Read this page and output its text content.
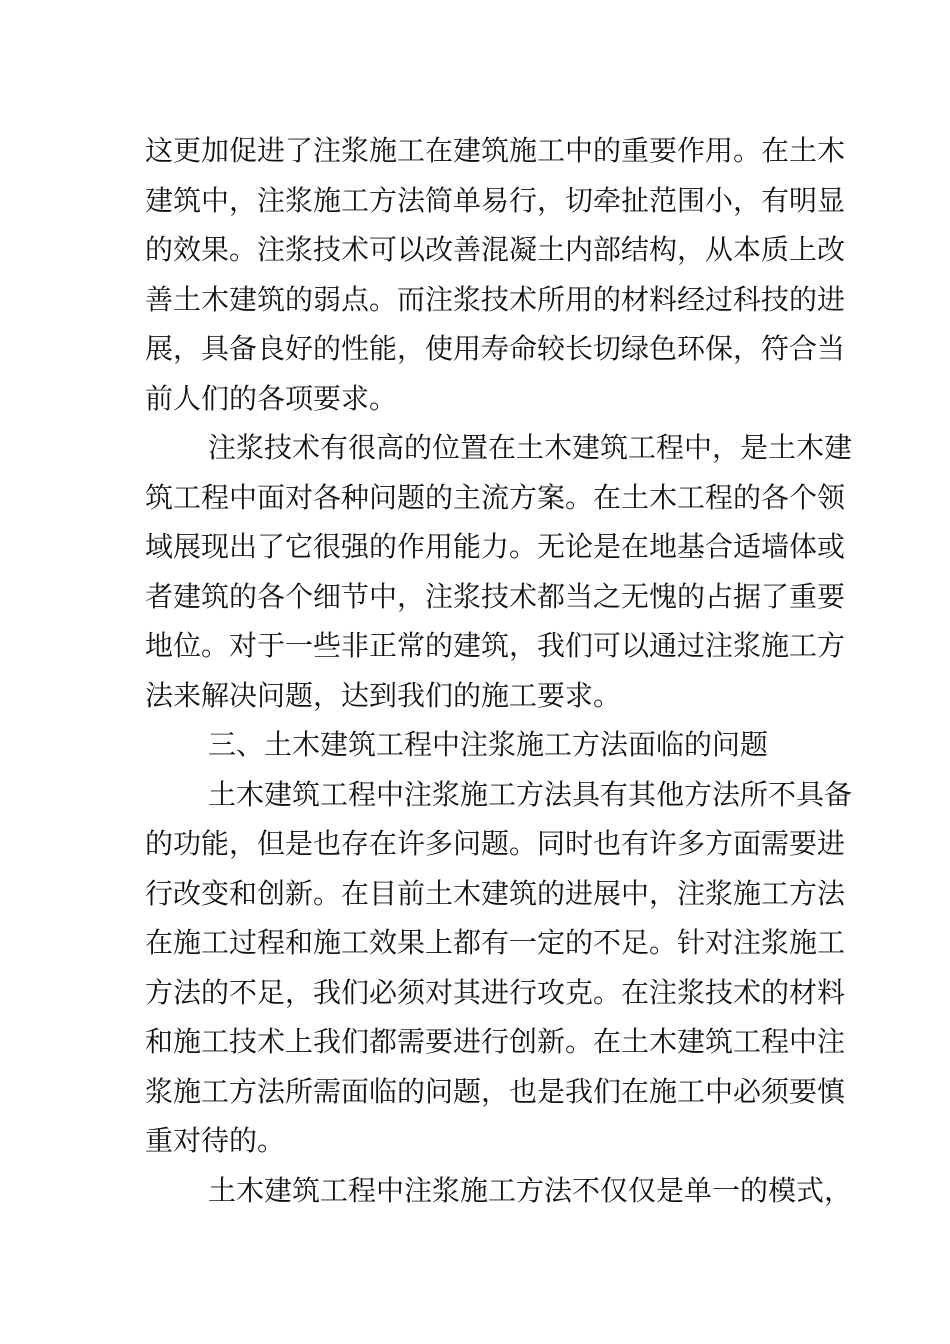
这更加促进了注浆施工在建筑施工中的重要作用。在土木
建筑中，注浆施工方法简单易行，切牵扯范围小，有明显
的效果。注浆技术可以改善混凝土内部结构，从本质上改
善土木建筑的弱点。而注浆技术所用的材料经过科技的进
展，具备良好的性能，使用寿命较长切绿色环保，符合当
前人们的各项要求。
注浆技术有很高的位置在土木建筑工程中，是土木建
筑工程中面对各种问题的主流方案。在土木工程的各个领
域展现出了它很强的作用能力。无论是在地基合适墙体或
者建筑的各个细节中，注浆技术都当之无愧的占据了重要
地位。对于一些非正常的建筑，我们可以通过注浆施工方
法来解决问题，达到我们的施工要求。
三、土木建筑工程中注浆施工方法面临的问题
土木建筑工程中注浆施工方法具有其他方法所不具备
的功能，但是也存在许多问题。同时也有许多方面需要进
行改变和创新。在目前土木建筑的进展中，注浆施工方法
在施工过程和施工效果上都有一定的不足。针对注浆施工
方法的不足，我们必须对其进行攻克。在注浆技术的材料
和施工技术上我们都需要进行创新。在土木建筑工程中注
浆施工方法所需面临的问题，也是我们在施工中必须要慎
重对待的。
土木建筑工程中注浆施工方法不仅仅是单一的模式，
